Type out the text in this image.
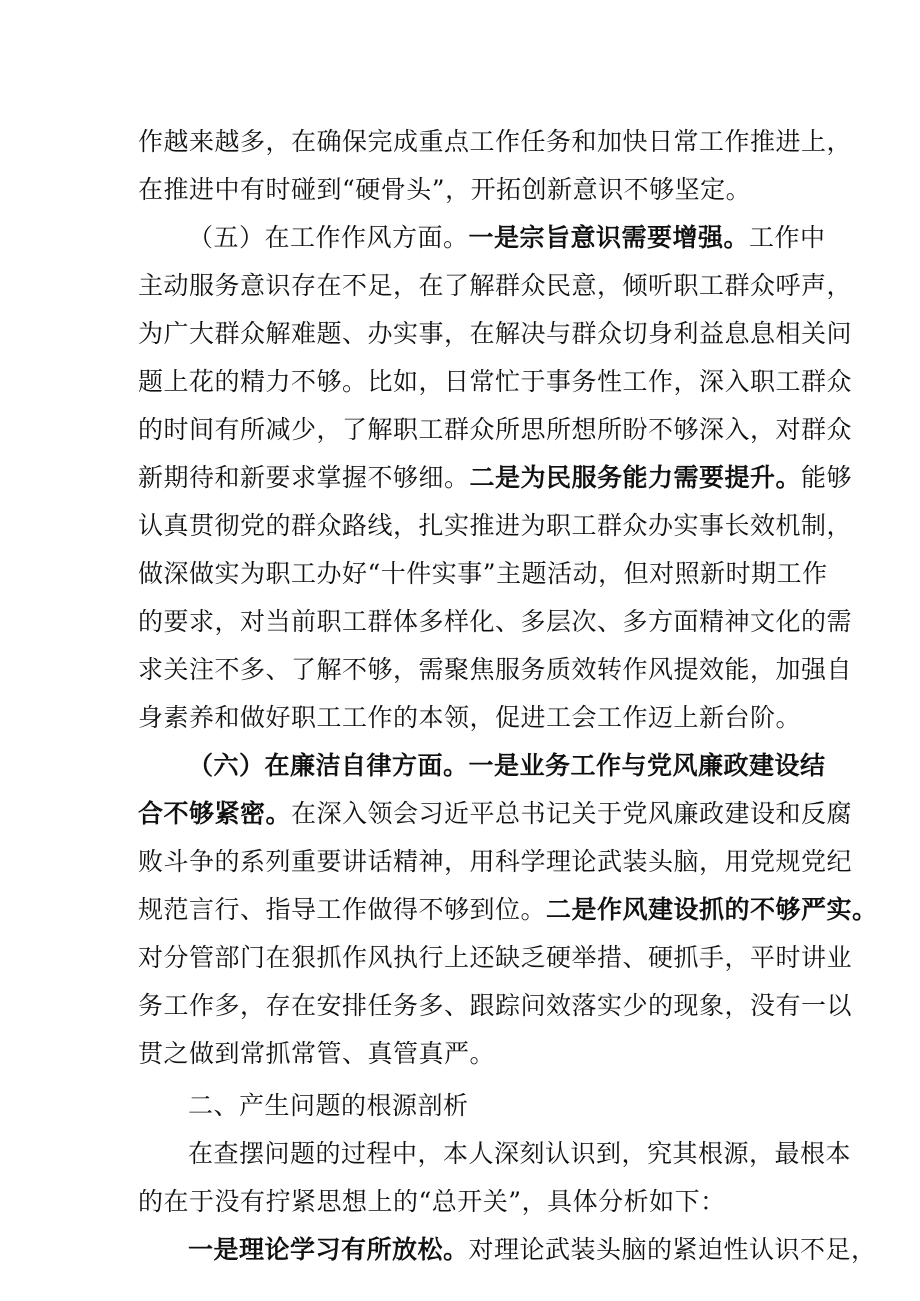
作越来越多，在确保完成重点工作任务和加快日常工作推进上，
在推进中有时碰到“硬骨头”，开拓创新意识不够坚定。
（五）在工作作风方面。一是宗旨意识需要增强。工作中
主动服务意识存在不足，在了解群众民意，倾听职工群众呼声，
为广大群众解难题、办实事，在解决与群众切身利益息息相关问
题上花的精力不够。比如，日常忙于事务性工作，深入职工群众
的时间有所减少，了解职工群众所思所想所盼不够深入，对群众
新期待和新要求掌握不够细。二是为民服务能力需要提升。能够
认真贯彻党的群众路线，扎实推进为职工群众办实事长效机制，
做深做实为职工办好“十件实事”主题活动，但对照新时期工作
的要求，对当前职工群体多样化、多层次、多方面精神文化的需
求关注不多、了解不够，需聚焦服务质效转作风提效能，加强自
身素养和做好职工工作的本领，促进工会工作迈上新台阶。
（六）在廉洁自律方面。一是业务工作与党风廉政建设结
合不够紧密。在深入领会习近平总书记关于党风廉政建设和反腐
败斗争的系列重要讲话精神，用科学理论武装头脑，用党规党纪
规范言行、指导工作做得不够到位。二是作风建设抓的不够严实。
对分管部门在狠抓作风执行上还缺乏硬举措、硬抓手，平时讲业
务工作多，存在安排任务多、跟踪问效落实少的现象，没有一以
贯之做到常抓常管、真管真严。
二、产生问题的根源剖析
在查摆问题的过程中，本人深刻认识到，究其根源，最根本
的在于没有拧紧思想上的“总开关”，具体分析如下：
一是理论学习有所放松。对理论武装头脑的紧迫性认识不足，
